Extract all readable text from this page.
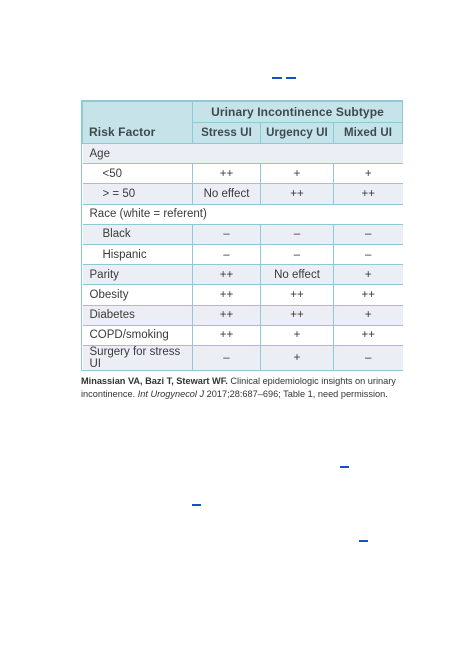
Risk Factor	Urinary Incontinence Subtype		
	Stress UI	Urgency UI	Mixed UI
Age			
<50	++	+	+
> = 50	No effect	++	++
Race (white = referent)			
Black	–	–	–
Hispanic	–	–	–
Parity	++	No effect	+
Obesity	++	++	++
Diabetes	++	++	+
COPD/smoking	++	+	++
Surgery for stress UI	–	+	–
Minassian VA, Bazi T, Stewart WF. Clinical epidemiologic insights on urinary incontinence. Int Urogynecol J 2017;28:687–696; Table 1, need permission.
